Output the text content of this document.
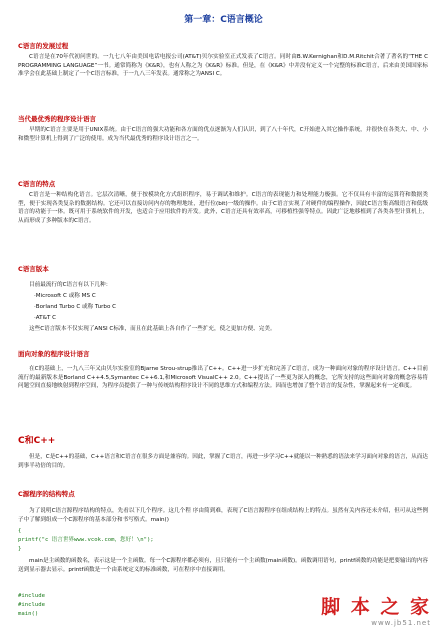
第一章：C语言概论
C语言的发展过程
C语言是在70年代初问世的。一九七八年由美国电话电报公司(AT&T)贝尔实验室正式发表了C语言。同时由B.W.Kernighan和D.M.Ritchit合著了著名的“THE C PROGRAMMING LANGUAGE”一书。通常简称为《K&R》，也有人称之为《K&R》标准。但是，在《K&R》中并没有定义一个完整的标准C语言，后来由美国国家标准学会在此基础上制定了一个C语言标准，于一九八三年发表。通常称之为ANSI C。
当代最优秀的程序设计语言
早期的C语言主要是用于UNIX系统。由于C语言的强大功能和各方面的优点逐渐为人们认识，到了八十年代，C开始进入其它操作系统，并很快在各类大、中、小和微型计算机上得到了广泛的使用。成为当代最优秀的程序设计语言之一。
C语言的特点
C语言是一种结构化语言。它层次清晰，便于按模块化方式组织程序，易于调试和维护。C语言的表现能力和处理能力极强。它不仅具有丰富的运算符和数据类型，便于实现各类复杂的数据结构。它还可以直接访问内存的物理地址，进行位(bit)一级的操作。由于C语言实现了对硬件的编程操作，因此C语言集高级语言和低级语言的功能于一体。既可用于系统软件的开发，也适合于应用软件的开发。此外，C语言还具有效率高，可移植性强等特点。因此广泛地移植到了各类各型计算机上，从而形成了多种版本的C语言。
C语言版本
目前最流行的C语言有以下几种：
·Microsoft C 或称 MS C
·Borland Turbo C 或称 Turbo C
·AT&T C
这些C语言版本不仅实现了ANSI C标准，而且在此基础上各自作了一些扩充，使之更加方便、完美。
面向对象的程序设计语言
在C的基础上，一九八三年又由贝尔实验室的Bjarne Strou-strup推出了C++。C++进一步扩充和完善了C语言，成为一种面向对象的程序设计语言。C++目前流行的最新版本是Borland C++4.5,Symantec C++6.1,和Microsoft VisualC++ 2.0。C++提出了一些更为深入的概念，它所支持的这些面向对象的概念容易将问题空间直接地映射到程序空间，为程序员提供了一种与传统结构程序设计不同的思维方式和编程方法。因而也增加了整个语言的复杂性，掌握起来有一定难度。
C和C++
但是，C是C++的基础，C++语言和C语言在很多方面是兼容的。因此，掌握了C语言，再进一步学习C++就能以一种熟悉的语法来学习面向对象的语言，从而达到事半功倍的目的。
C源程序的结构特点
为了说明C语言源程序结构的特点，先看以下几个程序。这几个程 序由简到难，表现了C语言源程序在组成结构上的特点。虽然有关内容还未介绍，但可从这些例子中了解到组成一个C源程序的基本部分和书写格式。main()
{
printf("c 语言世界www.vcok.com，您好！\n");
}
main是主函数的函数名，表示这是一个主函数。每一个C源程序都必须有，且只能有一个主函数(main函数)。函数调用语句，printf函数的功能是把要输出的内容送到显示器去显示。printf函数是一个由系统定义的标准函数，可在程序中直接调用。
#include
#include
main()	脚 本 之 家
www.jb51.net
